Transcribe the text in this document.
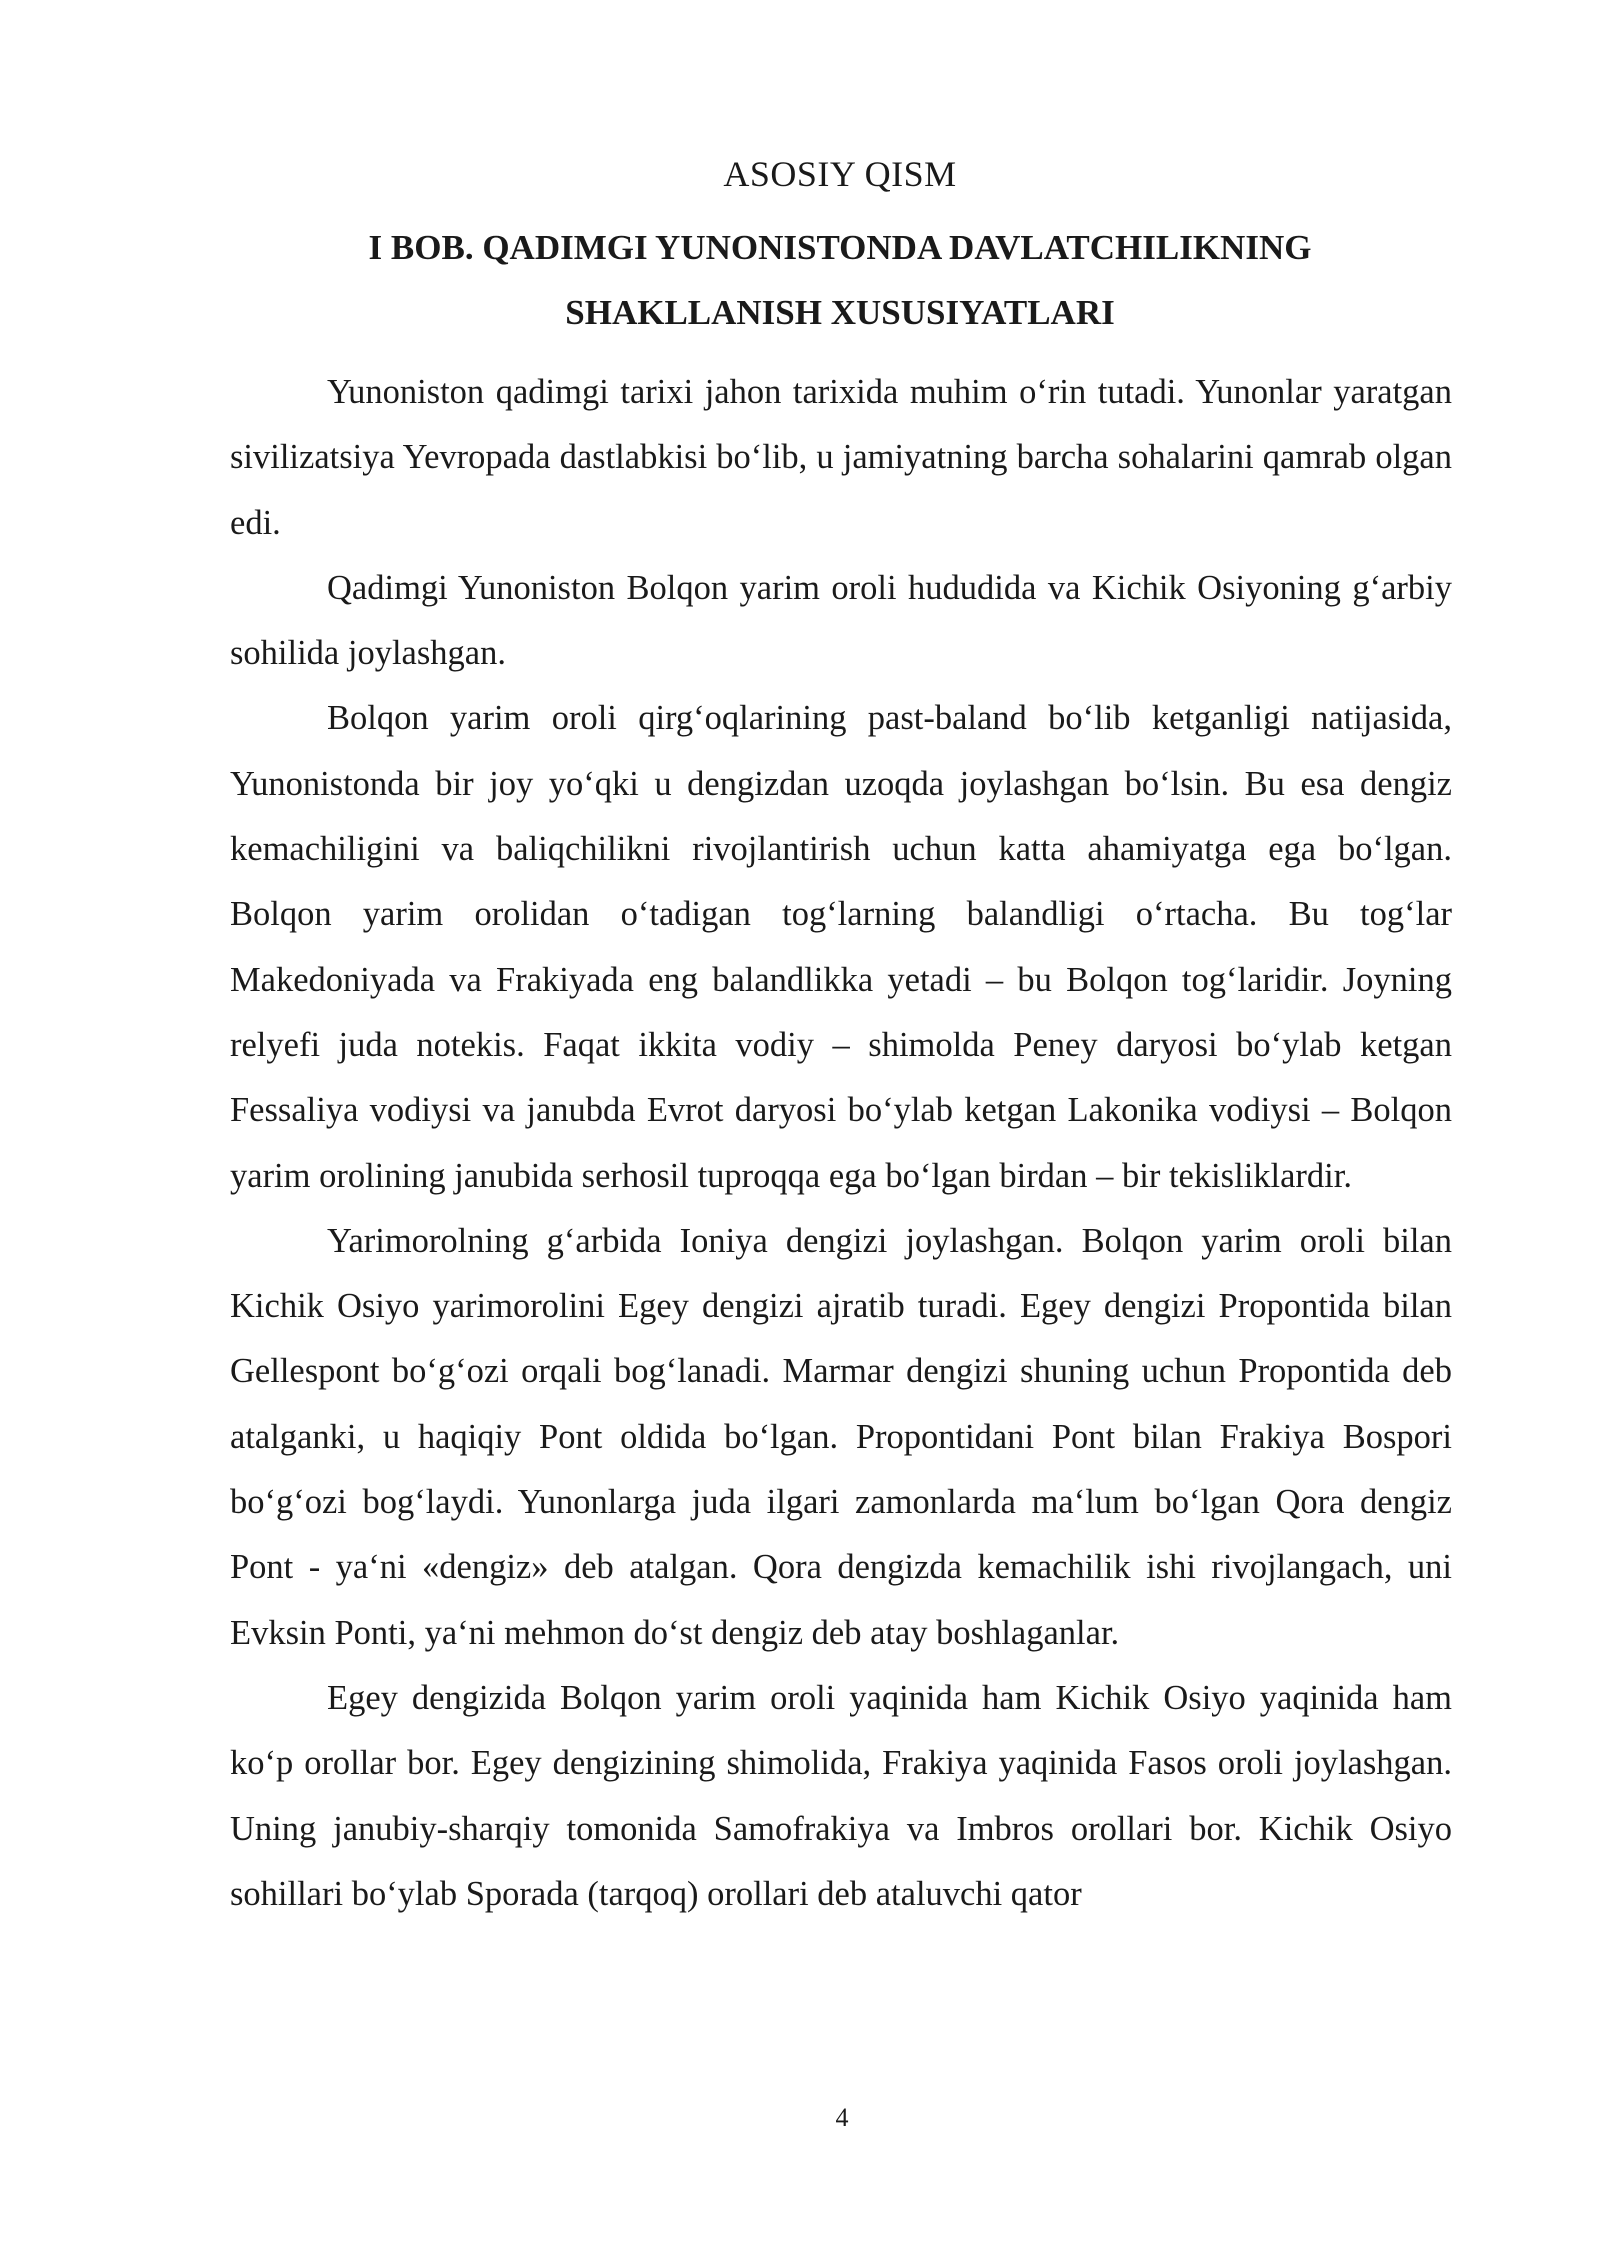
ASOSIY QISM

I BOB. QADIMGI YUNONISTONDA DAVLATCHILIKNING
SHAKLLANISH XUSUSIYATLARI

Yunoniston qadimgi tarixi jahon tarixida muhim o‘rin tutadi. Yunonlar yaratgan sivilizatsiya Yevropada dastlabkisi bo‘lib, u jamiyatning barcha sohalarini qamrab olgan edi.

Qadimgi Yunoniston Bolqon yarim oroli hududida va Kichik Osiyoning g‘arbiy sohilida joylashgan.

Bolqon yarim oroli qirg‘oqlarining past-baland bo‘lib ketganligi natijasida, Yunonistonda bir joy yo‘qki u dengizdan uzoqda joylashgan bo‘lsin. Bu esa dengiz kemachiligini va baliqchilikni rivojlantirish uchun katta ahamiyatga ega bo‘lgan. Bolqon yarim orolidan o‘tadigan tog‘larning balandligi o‘rtacha. Bu tog‘lar Makedoniyada va Frakiyada eng balandlikka yetadi – bu Bolqon tog‘laridir. Joyning relyefi juda notekis. Faqat ikkita vodiy – shimolda Peney daryosi bo‘ylab ketgan Fessaliya vodiysi va janubda Evrot daryosi bo‘ylab ketgan Lakonika vodiysi – Bolqon yarim orolining janubida serhosil tuproqqa ega bo‘lgan birdan – bir tekisliklardir.

Yarimorolning g‘arbida Ioniya dengizi joylashgan. Bolqon yarim oroli bilan Kichik Osiyo yarimorolini Egey dengizi ajratib turadi. Egey dengizi Propontida bilan Gellespont bo‘g‘ozi orqali bog‘lanadi. Marmar dengizi shuning uchun Propontida deb atalganki, u haqiqiy Pont oldida bo‘lgan. Propontidani Pont bilan Frakiya Bospori bo‘g‘ozi bog‘laydi. Yunonlarga juda ilgari zamonlarda ma‘lum bo‘lgan Qora dengiz Pont - ya‘ni «dengiz» deb atalgan. Qora dengizda kemachilik ishi rivojlangach, uni Evksin Ponti, ya‘ni mehmon do‘st dengiz deb atay boshlaganlar.

Egey dengizida Bolqon yarim oroli yaqinida ham Kichik Osiyo yaqinida ham ko‘p orollar bor. Egey dengizining shimolida, Frakiya yaqinida Fasos oroli joylashgan. Uning janubiy-sharqiy tomonida Samofrakiya va Imbros orollari bor. Kichik Osiyo sohillari bo‘ylab Sporada (tarqoq) orollari deb ataluvchi qator

4
